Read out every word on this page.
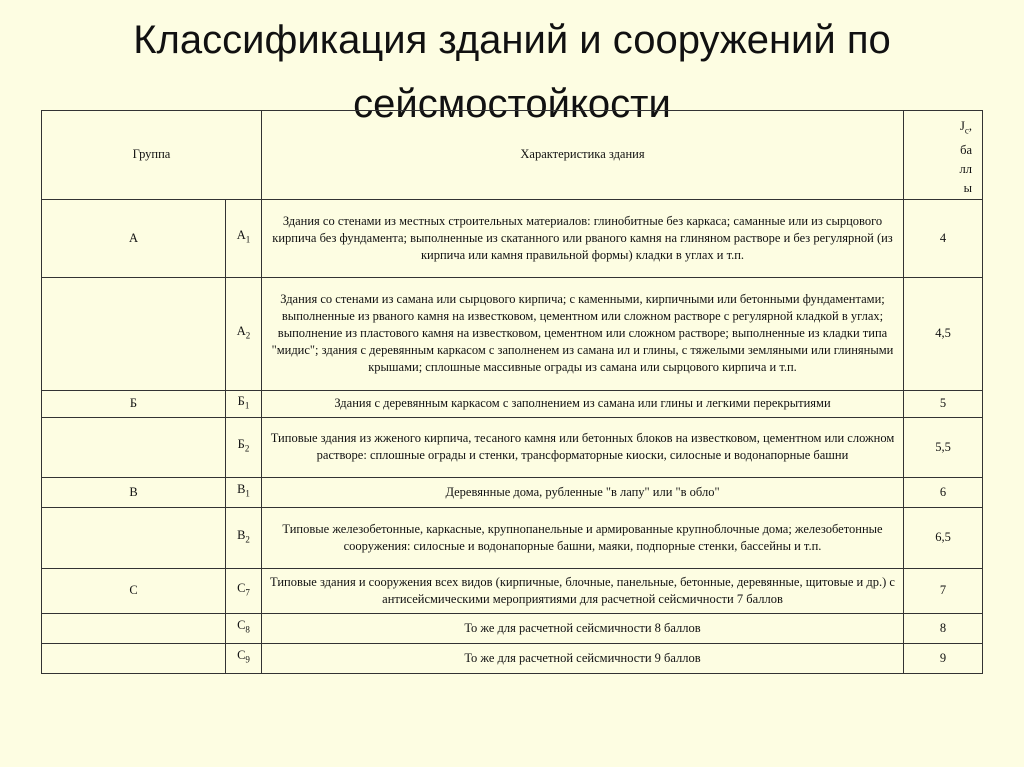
Классификация зданий и сооружений по сейсмостойкости
Группа		Характеристика здания	$J_c$,
ба лл ы
А	$А_1$	Здания со стенами из местных строительных материалов: глинобитные без каркаса; саманные или из сырцового кирпича без фундамента; выполненные из скатанного или рваного камня на глиняном растворе и без регулярной (из кирпича или камня правильной формы) кладки в углах и т.п.	4
	$А_2$	Здания со стенами из самана или сырцового кирпича; с каменными, кирпичными или бетонными фундаментами; выполненные из рваного камня на известковом, цементном или сложном растворе с регулярной кладкой в углах; выполнение из пластового камня на известковом, цементном или сложном растворе; выполненные из кладки типа "мидис"; здания с деревянным каркасом с заполненем из самана ил и глины, с тяжелыми земляными или глиняными крышами; сплошные массивные ограды из самана или сырцового кирпича и т.п.	4,5
Б	$Б_1$	Здания с деревянным каркасом с заполнением из самана или глины и легкими перекрытиями	5
	$Б_2$	Типовые здания из жженого кирпича, тесаного камня или бетонных блоков на известковом, цементном или сложном растворе: сплошные ограды и стенки, трансформаторные киоски, силосные и водонапорные башни	5,5
В	$В_1$	Деревянные дома, рубленные "в лапу" или "в обло"	6
	$В_2$	Типовые железобетонные, каркасные, крупнопанельные и армированные крупноблочные дома; железобетонные сооружения: силосные и водонапорные башни, маяки, подпорные стенки, бассейны и т.п.	6,5
С	$С_7$	Типовые здания и сооружения всех видов (кирпичные, блочные, панельные, бетонные, деревянные, щитовые и др.) с антисейсмическими мероприятиями для расчетной сейсмичности 7 баллов	7
	$С_8$	То же для расчетной сейсмичности 8 баллов	8
	$С_9$	То же для расчетной сейсмичности 9 баллов	9
